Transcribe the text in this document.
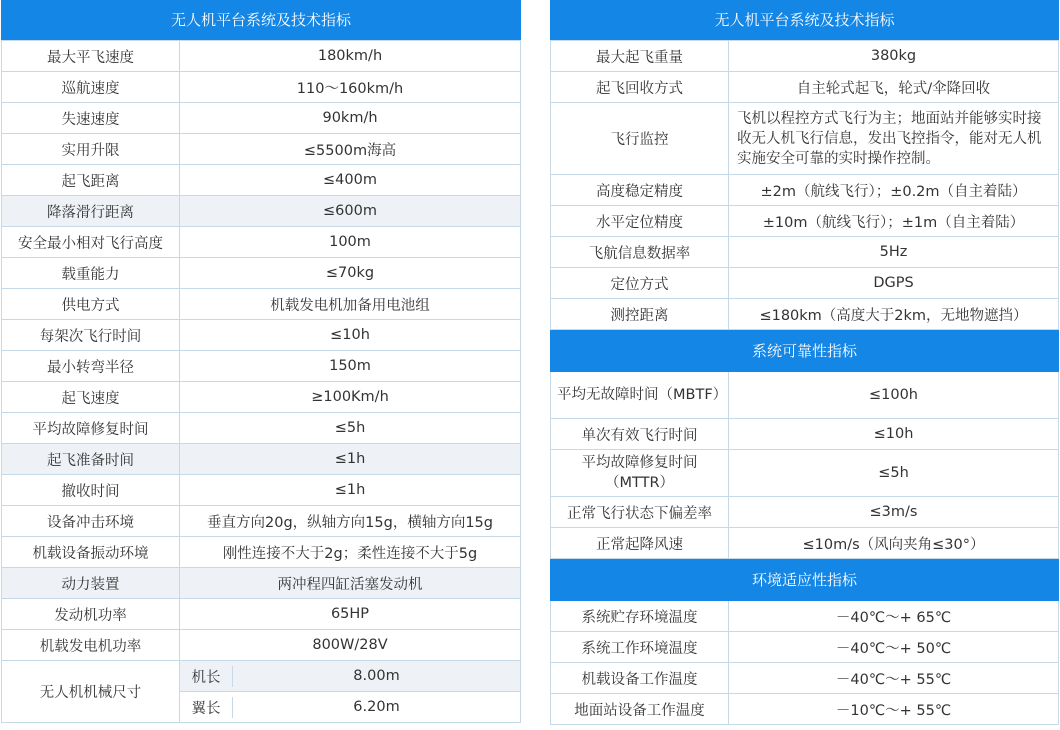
无人机平台系统及技术指标
最大平飞速度	180km/h
巡航速度	110～160km/h
失速速度	90km/h
实用升限	≤5500m海高
起飞距离	≤400m
降落滑行距离	≤600m
安全最小相对飞行高度	100m
载重能力	≤70kg
供电方式	机载发电机加备用电池组
每架次飞行时间	≤10h
最小转弯半径	150m
起飞速度	≥100Km/h
平均故障修复时间	≤5h
起飞准备时间	≤1h
撤收时间	≤1h
设备冲击环境	垂直方向20g，纵轴方向15g，横轴方向15g
机载设备振动环境	刚性连接不大于2g；柔性连接不大于5g
动力装置	两冲程四缸活塞发动机
发动机功率	65HP
机载发电机功率	800W/28V
无人机机械尺寸	
机长	8.00m

翼长	6.20m
无人机平台系统及技术指标
最大起飞重量	380kg
起飞回收方式	自主轮式起飞，轮式/伞降回收
飞行监控	飞机以程控方式飞行为主；地面站并能够实时接收无人机飞行信息，发出飞控指令，能对无人机实施安全可靠的实时操作控制。
高度稳定精度	±2m（航线飞行）；±0.2m（自主着陆）
水平定位精度	±10m（航线飞行）；±1m（自主着陆）
飞航信息数据率	5Hz
定位方式	DGPS
测控距离	≤180km（高度大于2km，无地物遮挡）
系统可靠性指标	
平均无故障时间（MBTF）	≤100h
单次有效飞行时间	≤10h
平均故障修复时间（MTTR）	≤5h
正常飞行状态下偏差率	≤3m/s
正常起降风速	≤10m/s（风向夹角≤30°）
环境适应性指标	
系统贮存环境温度	－40℃～+ 65℃
系统工作环境温度	－40℃～+ 50℃
机载设备工作温度	－40℃～+ 55℃
地面站设备工作温度	－10℃～+ 55℃
